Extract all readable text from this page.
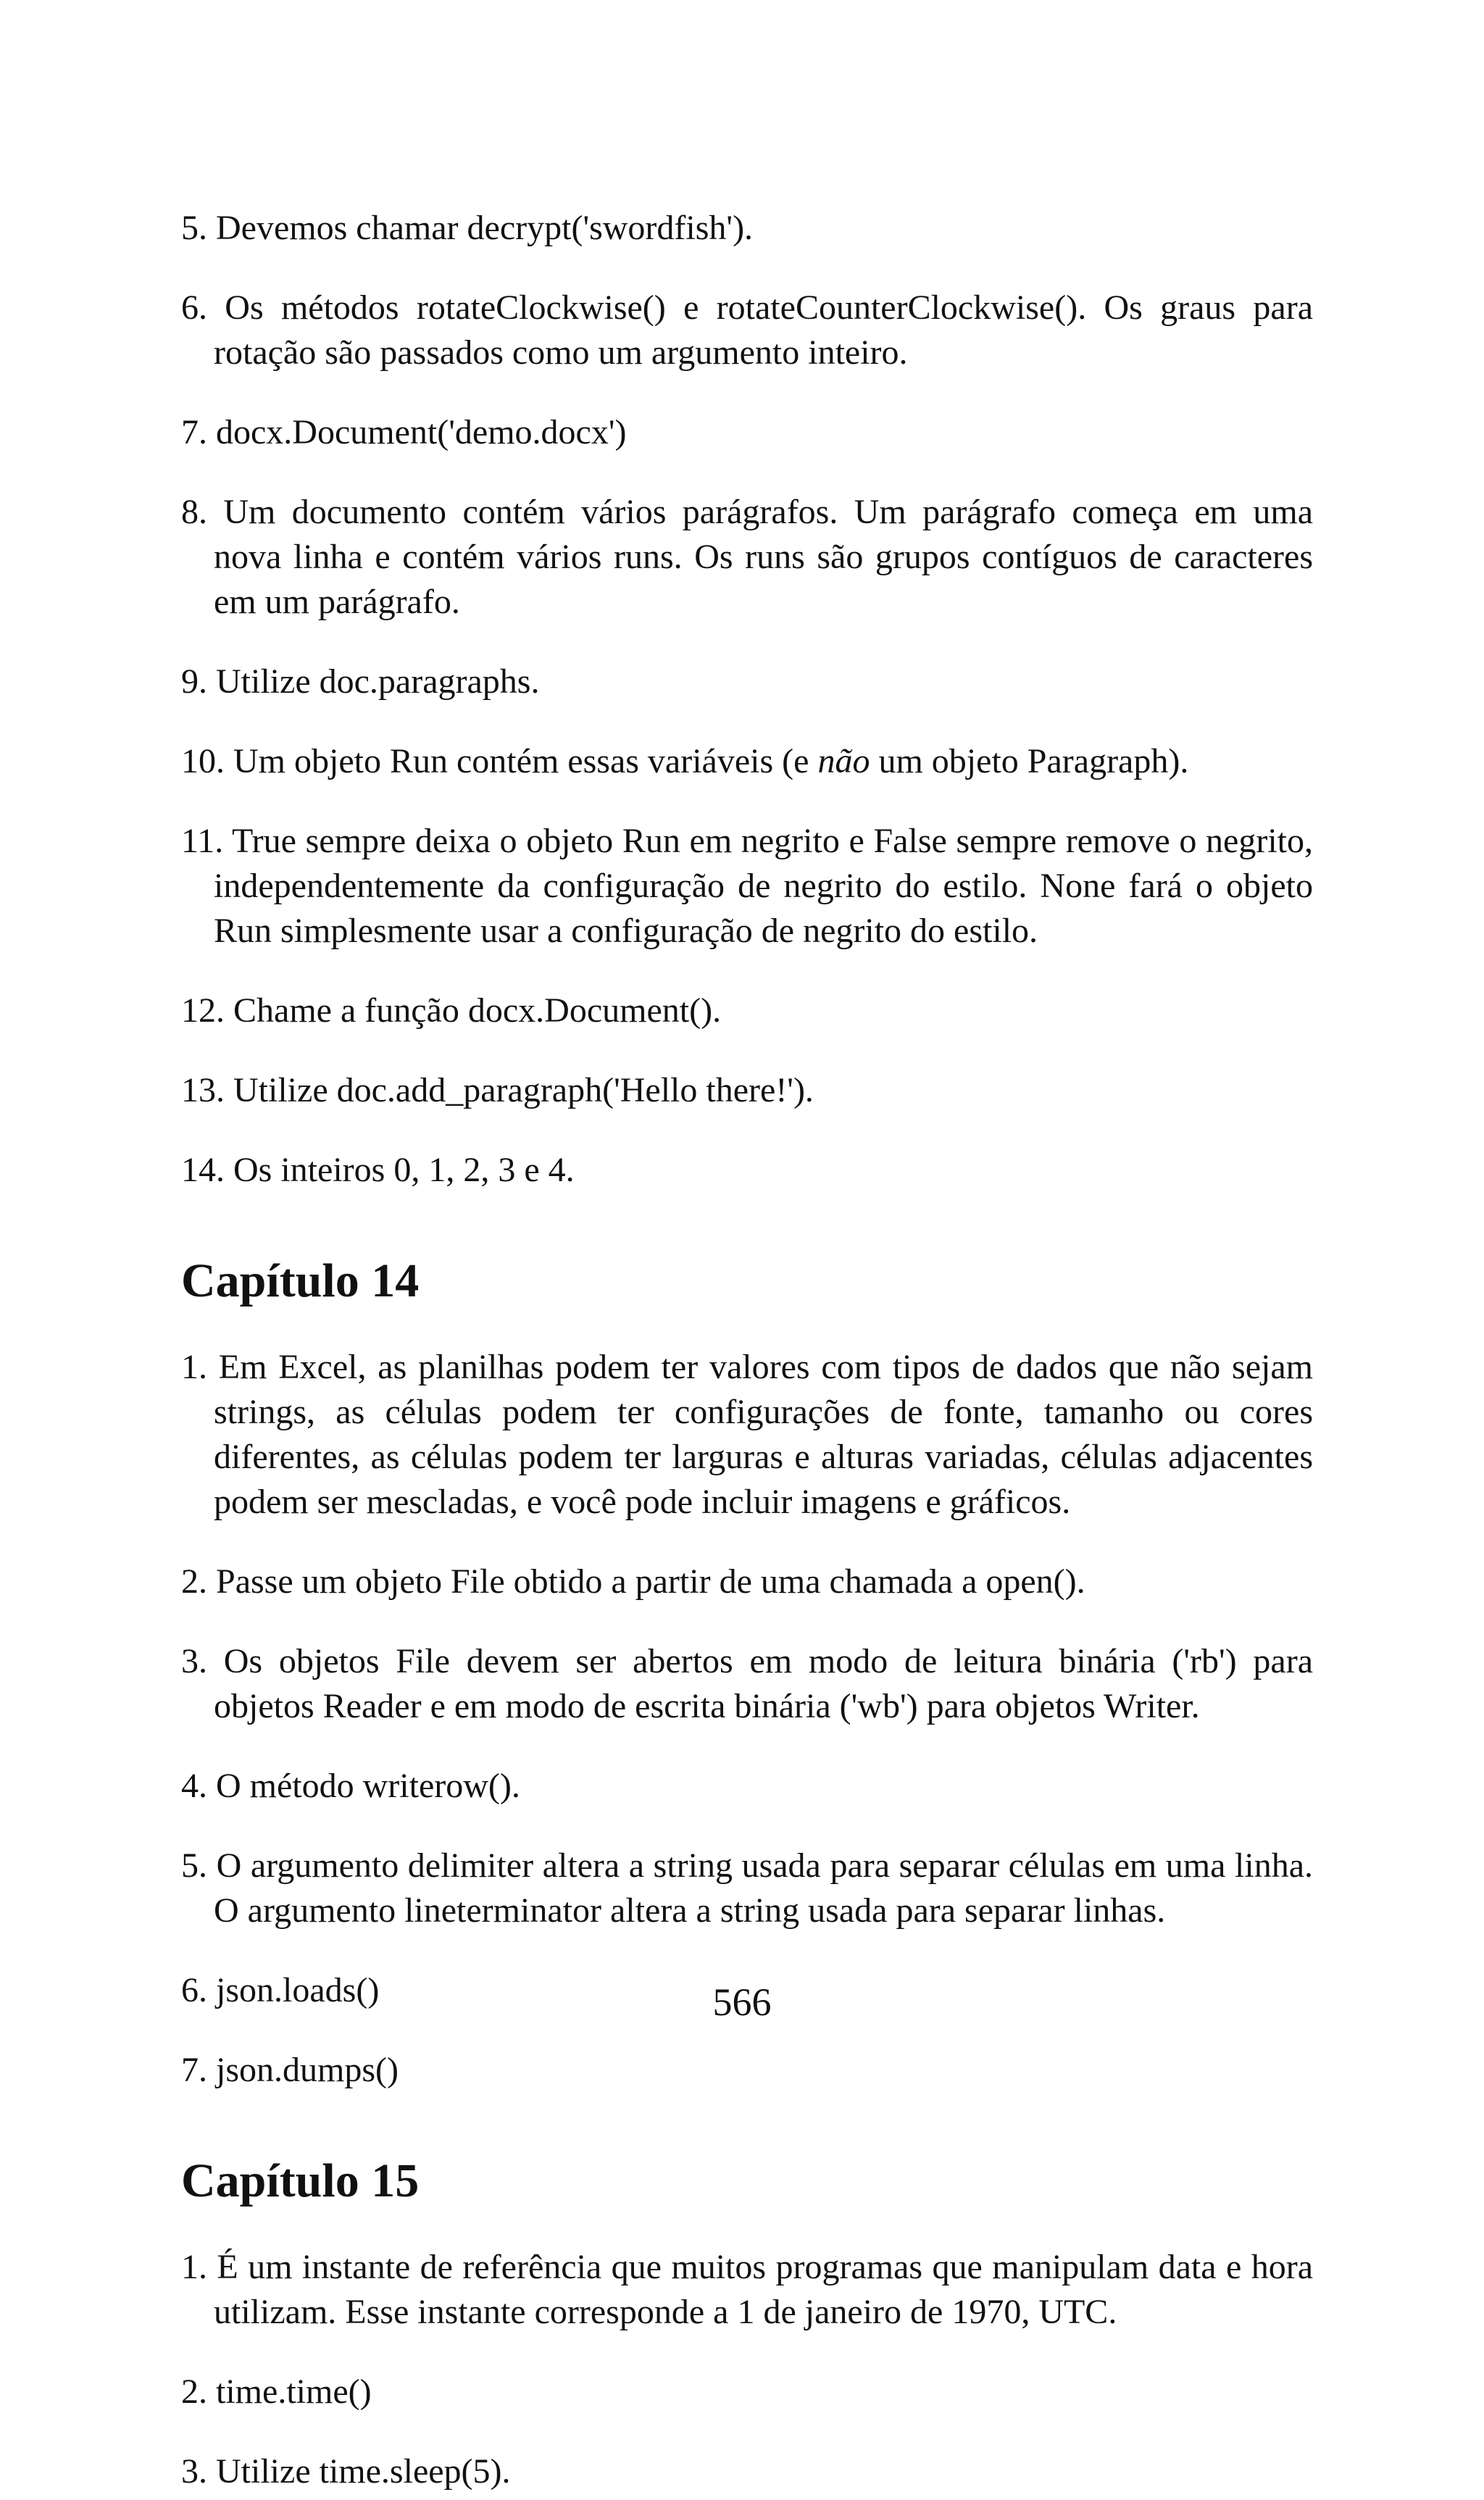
5. Devemos chamar decrypt('swordfish').

6. Os métodos rotateClockwise() e rotateCounterClockwise(). Os graus para rotação são passados como um argumento inteiro.

7. docx.Document('demo.docx')

8. Um documento contém vários parágrafos. Um parágrafo começa em uma nova linha e contém vários runs. Os runs são grupos contíguos de caracteres em um parágrafo.

9. Utilize doc.paragraphs.

10. Um objeto Run contém essas variáveis (e não um objeto Paragraph).

11. True sempre deixa o objeto Run em negrito e False sempre remove o negrito, independentemente da configuração de negrito do estilo. None fará o objeto Run simplesmente usar a configuração de negrito do estilo.

12. Chame a função docx.Document().

13. Utilize doc.add_paragraph('Hello there!').

14. Os inteiros 0, 1, 2, 3 e 4.

Capítulo 14

1. Em Excel, as planilhas podem ter valores com tipos de dados que não sejam strings, as células podem ter configurações de fonte, tamanho ou cores diferentes, as células podem ter larguras e alturas variadas, células adjacentes podem ser mescladas, e você pode incluir imagens e gráficos.

2. Passe um objeto File obtido a partir de uma chamada a open().

3. Os objetos File devem ser abertos em modo de leitura binária ('rb') para objetos Reader e em modo de escrita binária ('wb') para objetos Writer.

4. O método writerow().

5. O argumento delimiter altera a string usada para separar células em uma linha. O argumento lineterminator altera a string usada para separar linhas.

6. json.loads()

7. json.dumps()

Capítulo 15

1. É um instante de referência que muitos programas que manipulam data e hora utilizam. Esse instante corresponde a 1 de janeiro de 1970, UTC.

2. time.time()

3. Utilize time.sleep(5).

566
